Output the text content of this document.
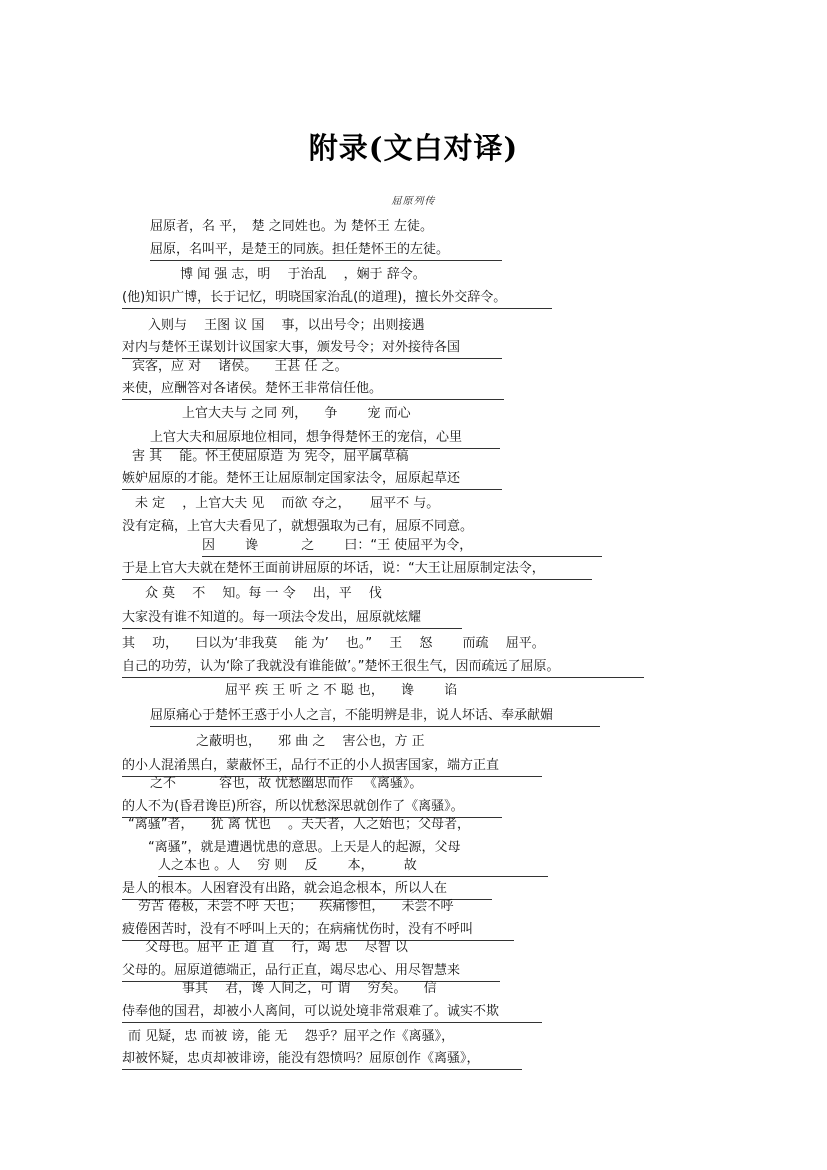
附录(文白对译)
屈原列传
屈原者，名 平，　楚 之同姓也。为 楚怀王 左徒。
屈原，名叫平，是楚王的同族。担任楚怀王的左徒。
博 闻 强 志，明 　于治乱 　，娴于 辞令。
(他)知识广博，长于记忆，明晓国家治乱(的道理)，擅长外交辞令。
入则与 　王图 议 国 　事，以出号令；出则接遇
对内与楚怀王谋划计议国家大事，颁发号令；对外接待各国
宾客，应 对 　诸侯。 　王甚 任 之。
来使，应酬答对各诸侯。楚怀王非常信任他。
上官大夫与 之同 列， 　争 　　宠 而心
上官大夫和屈原地位相同，想争得楚怀王的宠信，心里
害 其 　能。怀王使屈原造 为 宪令，屈平属草稿
嫉妒屈原的才能。楚怀王让屈原制定国家法令，屈原起草还
未 定 　，上官大夫 见 　而欲 夺之，　　屈平不 与。
没有定稿，上官大夫看见了，就想强取为己有，屈原不同意。
因 　　谗 　　　之 　　曰：“王 使屈平为令，
于是上官大夫就在楚怀王面前讲屈原的坏话，说：“大王让屈原制定法令，
众 莫 　不 　知。每 一 令 　出，平 　伐
大家没有谁不知道的。每一项法令发出，屈原就炫耀
其 　功， 　曰以为‘非我莫 　能 为’ 　也。” 　王 　怒 　　而疏 　屈平。
自己的功劳，认为‘除了我就没有谁能做’。”楚怀王很生气，因而疏远了屈原。
屈平 疾 王 听 之 不 聪 也， 　谗 　　谄
屈原痛心于楚怀王惑于小人之言，不能明辨是非，说人坏话、奉承献媚
之蔽明也， 　邪 曲 之 　害公也，方 正
的小人混淆黑白，蒙蔽怀王，品行不正的小人损害国家，端方正直
之不 　　　容也，故 忧愁幽思而作 　《离骚》。
的人不为(昏君谗臣)所容，所以忧愁深思就创作了《离骚》。
“离骚”者， 　犹 离 忧也 　。夫天者，人之始也；父母者，
“离骚”，就是遭遇忧患的意思。上天是人的起源，父母
人之本也 。人 　穷 则 　反 　　本， 　　故
是人的根本。人困窘没有出路，就会追念根本，所以人在
劳苦 倦极，未尝不呼 天也； 　疾痛惨怛， 　未尝不呼
疲倦困苦时，没有不呼叫上天的；在病痛忧伤时，没有不呼叫
父母也。屈平 正 道 直 　行，竭 忠 　尽智 以
父母的。屈原道德端正，品行正直，竭尽忠心、用尽智慧来
事其 　君，谗 人间之，可 谓 　穷矣。 　信
侍奉他的国君，却被小人离间，可以说处境非常艰难了。诚实不欺
而 见疑，忠 而被 谤，能 无 　怨乎？屈平之作《离骚》，
却被怀疑，忠贞却被诽谤，能没有怨愤吗？屈原创作《离骚》，
